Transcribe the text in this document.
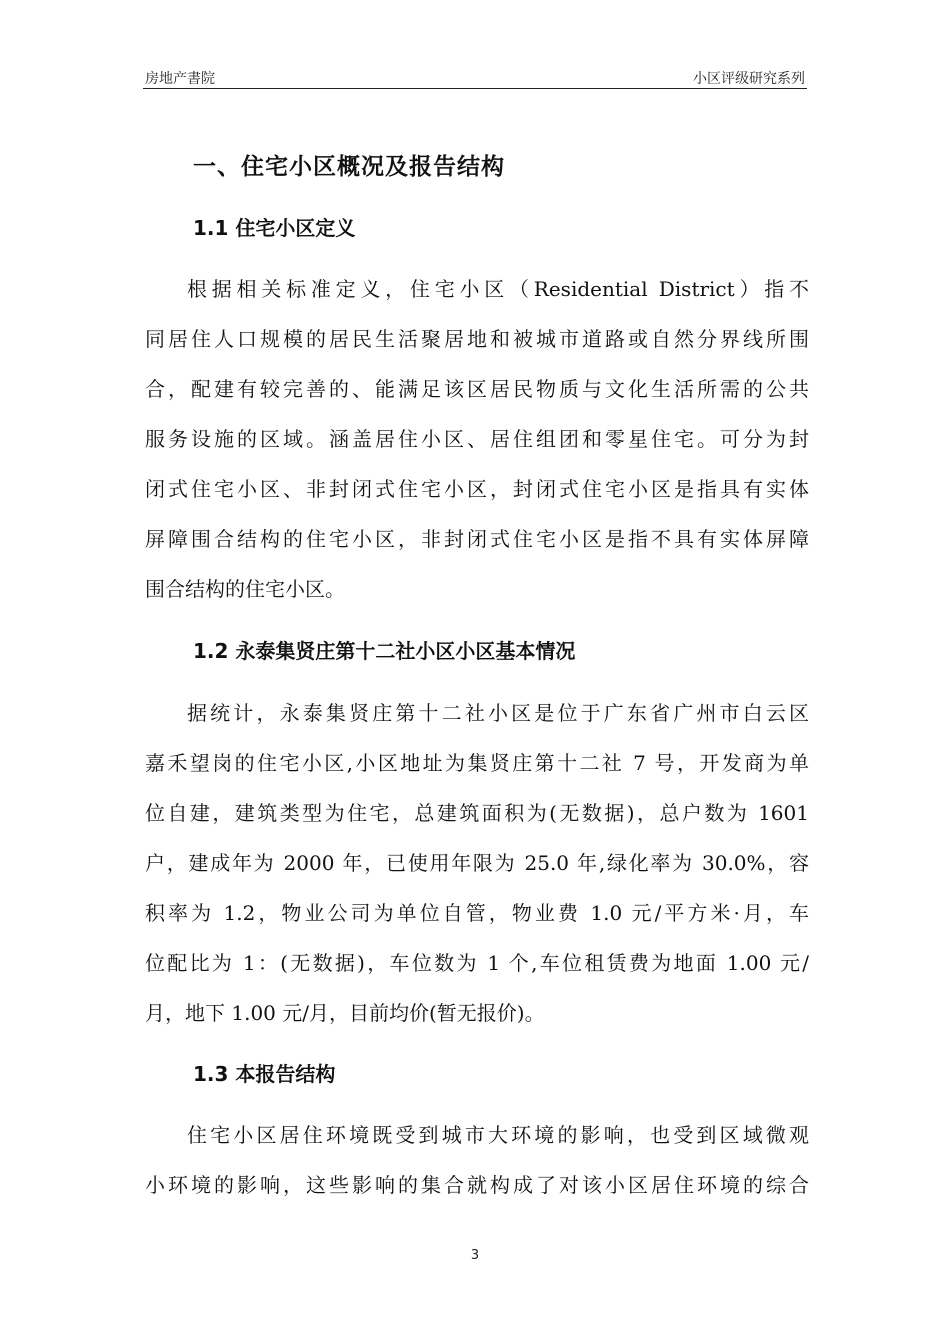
房地产書院	小区评级研究系列
一、住宅小区概况及报告结构
1.1 住宅小区定义
根据相关标准定义，住宅小区（Residential District）指不
同居住人口规模的居民生活聚居地和被城市道路或自然分界线所围
合，配建有较完善的、能满足该区居民物质与文化生活所需的公共
服务设施的区域。涵盖居住小区、居住组团和零星住宅。可分为封
闭式住宅小区、非封闭式住宅小区，封闭式住宅小区是指具有实体
屏障围合结构的住宅小区，非封闭式住宅小区是指不具有实体屏障
围合结构的住宅小区。
1.2 永泰集贤庄第十二社小区小区基本情况
据统计，永泰集贤庄第十二社小区是位于广东省广州市白云区
嘉禾望岗的住宅小区,小区地址为集贤庄第十二社 7 号，开发商为单
位自建，建筑类型为住宅，总建筑面积为(无数据)，总户数为 1601
户，建成年为 2000 年，已使用年限为 25.0 年,绿化率为 30.0%，容
积率为 1.2，物业公司为单位自管，物业费 1.0 元/平方米·月，车
位配比为 1：(无数据)，车位数为 1 个,车位租赁费为地面 1.00 元/
月，地下 1.00 元/月，目前均价(暂无报价)。
1.3 本报告结构
住宅小区居住环境既受到城市大环境的影响，也受到区域微观
小环境的影响，这些影响的集合就构成了对该小区居住环境的综合
3
